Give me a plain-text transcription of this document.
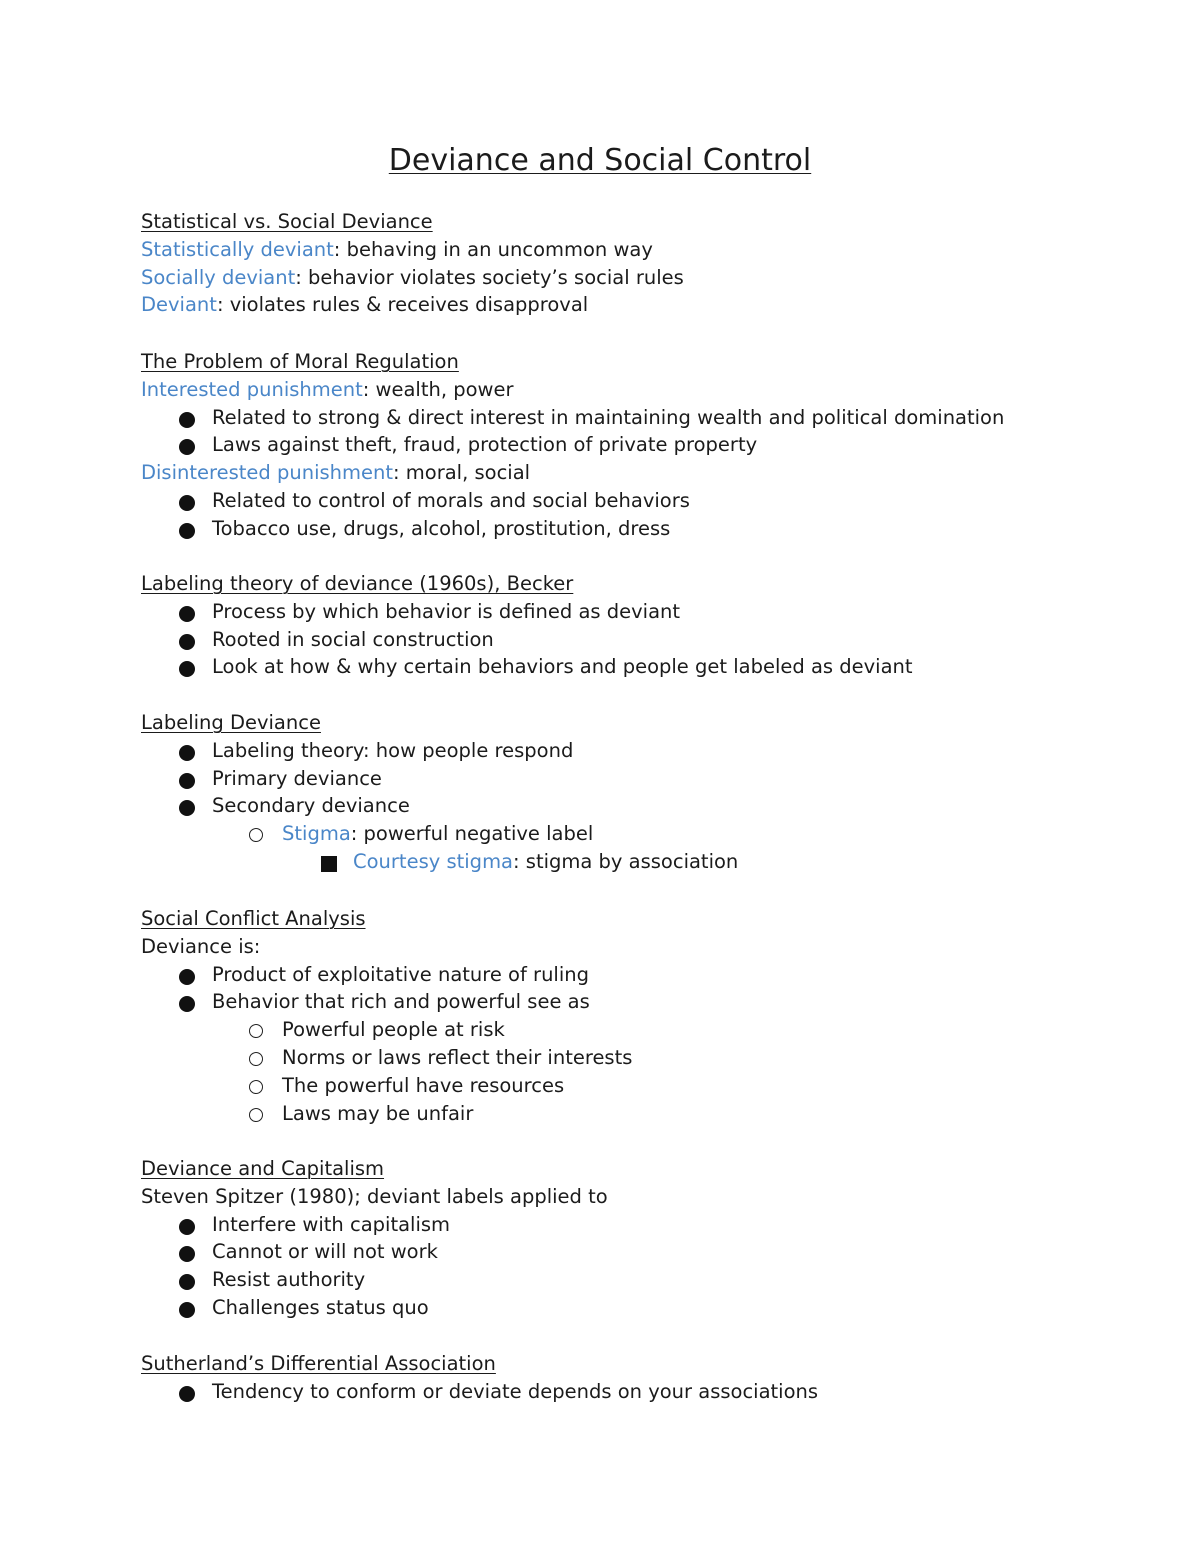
Deviance and Social Control
Statistical vs. Social Deviance
Statistically deviant: behaving in an uncommon way
Socially deviant: behavior violates society’s social rules
Deviant: violates rules & receives disapproval
The Problem of Moral Regulation
Interested punishment: wealth, power
Related to strong & direct interest in maintaining wealth and political domination
Laws against theft, fraud, protection of private property
Disinterested punishment: moral, social
Related to control of morals and social behaviors
Tobacco use, drugs, alcohol, prostitution, dress
Labeling theory of deviance (1960s), Becker
Process by which behavior is defined as deviant
Rooted in social construction
Look at how & why certain behaviors and people get labeled as deviant
Labeling Deviance
Labeling theory: how people respond
Primary deviance
Secondary deviance
Stigma: powerful negative label
Courtesy stigma: stigma by association
Social Conflict Analysis
Deviance is:
Product of exploitative nature of ruling
Behavior that rich and powerful see as
Powerful people at risk
Norms or laws reflect their interests
The powerful have resources
Laws may be unfair
Deviance and Capitalism
Steven Spitzer (1980); deviant labels applied to
Interfere with capitalism
Cannot or will not work
Resist authority
Challenges status quo
Sutherland’s Differential Association
Tendency to conform or deviate depends on your associations
